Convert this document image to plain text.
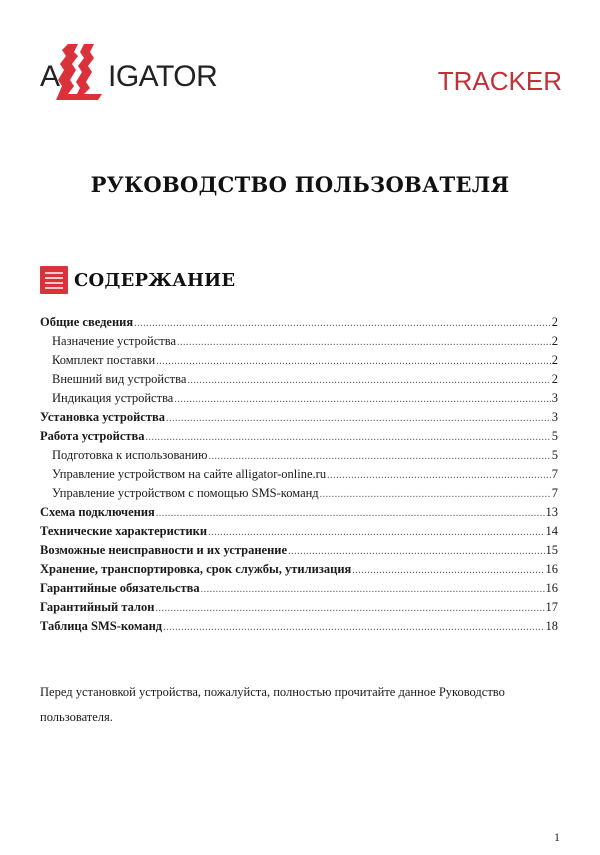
A IGATOR	TRACKER
РУКОВОДСТВО ПОЛЬЗОВАТЕЛЯ
СОДЕРЖАНИЕ
Общие сведения .....	2
Назначение устройства .....	2
Комплект поставки .....	2
Внешний вид устройства .....	2
Индикация устройства .....	3
Установка устройства .....	3
Работа устройства .....	5
Подготовка к использованию .....	5
Управление устройством на сайте alligator-online.ru .....	7
Управление устройством с помощью SMS-команд .....	7
Схема подключения .....	13
Технические характеристики .....	14
Возможные неисправности и их устранение .....	15
Хранение, транспортировка, срок службы, утилизация .....	16
Гарантийные обязательства .....	16
Гарантийный талон .....	17
Таблица SMS-команд .....	18
Перед установкой устройства, пожалуйста, полностью прочитайте данное Руководство пользователя.
1
